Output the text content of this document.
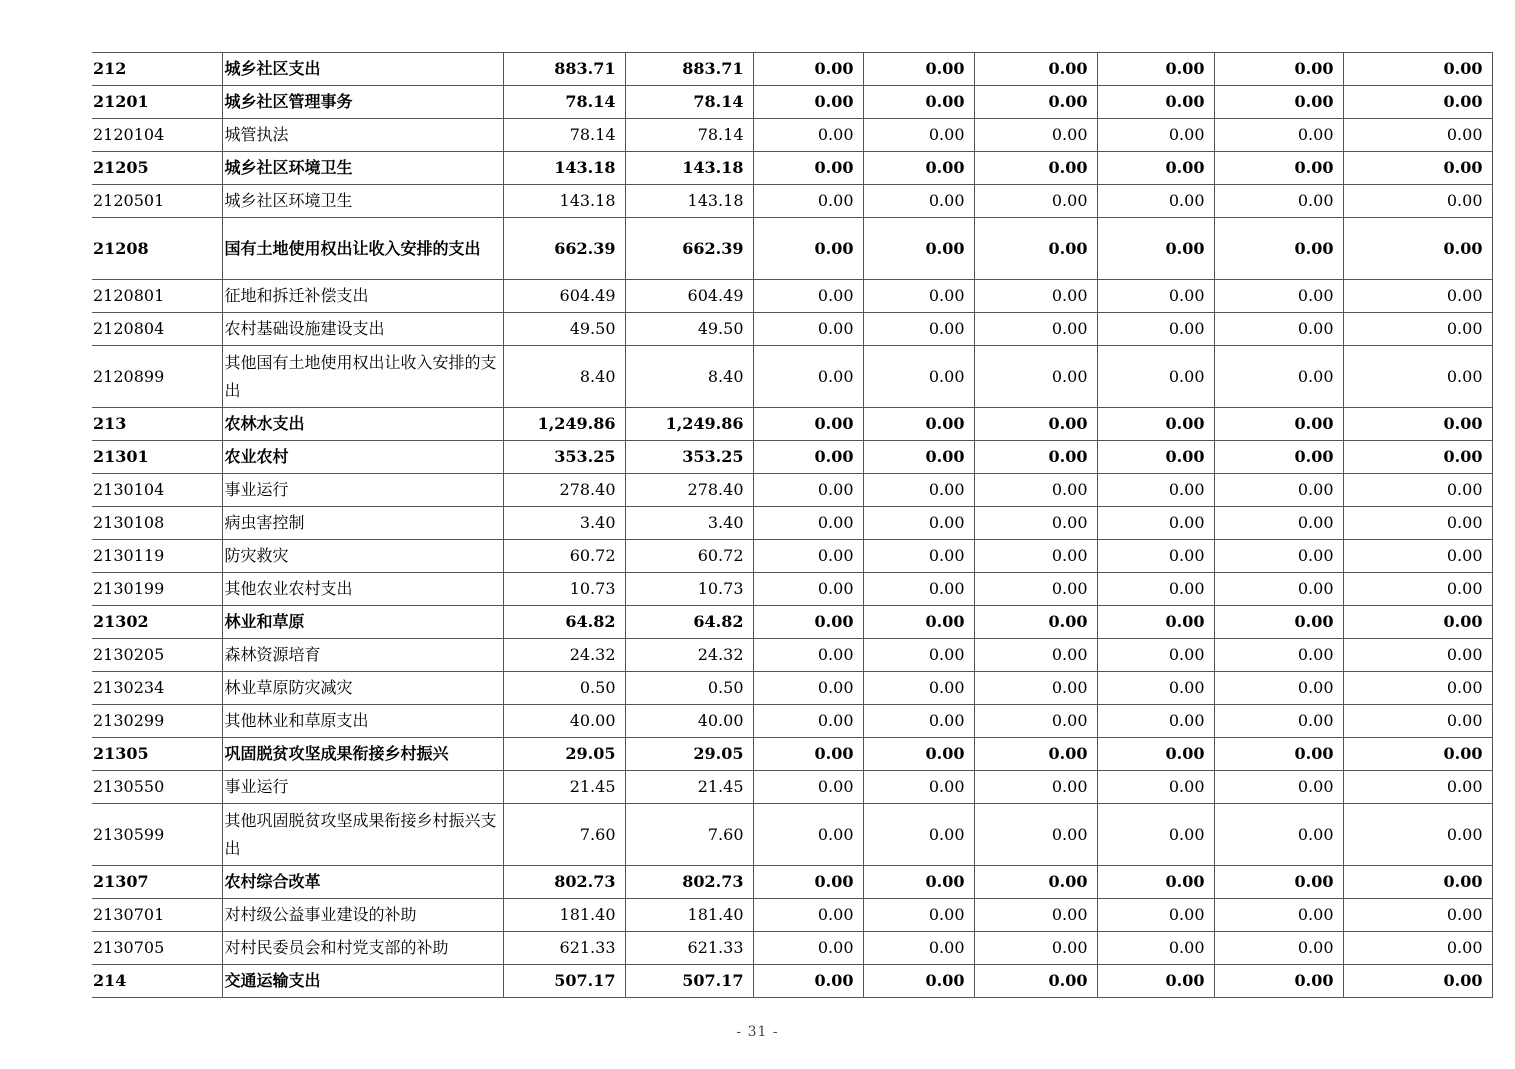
212	城乡社区支出	883.71	883.71	0.00	0.00	0.00	0.00	0.00	0.00
21201	城乡社区管理事务	78.14	78.14	0.00	0.00	0.00	0.00	0.00	0.00
2120104	城管执法	78.14	78.14	0.00	0.00	0.00	0.00	0.00	0.00
21205	城乡社区环境卫生	143.18	143.18	0.00	0.00	0.00	0.00	0.00	0.00
2120501	城乡社区环境卫生	143.18	143.18	0.00	0.00	0.00	0.00	0.00	0.00
21208	国有土地使用权出让收入安排的支出	662.39	662.39	0.00	0.00	0.00	0.00	0.00	0.00
2120801	征地和拆迁补偿支出	604.49	604.49	0.00	0.00	0.00	0.00	0.00	0.00
2120804	农村基础设施建设支出	49.50	49.50	0.00	0.00	0.00	0.00	0.00	0.00
2120899	其他国有土地使用权出让收入安排的支出	8.40	8.40	0.00	0.00	0.00	0.00	0.00	0.00
213	农林水支出	1,249.86	1,249.86	0.00	0.00	0.00	0.00	0.00	0.00
21301	农业农村	353.25	353.25	0.00	0.00	0.00	0.00	0.00	0.00
2130104	事业运行	278.40	278.40	0.00	0.00	0.00	0.00	0.00	0.00
2130108	病虫害控制	3.40	3.40	0.00	0.00	0.00	0.00	0.00	0.00
2130119	防灾救灾	60.72	60.72	0.00	0.00	0.00	0.00	0.00	0.00
2130199	其他农业农村支出	10.73	10.73	0.00	0.00	0.00	0.00	0.00	0.00
21302	林业和草原	64.82	64.82	0.00	0.00	0.00	0.00	0.00	0.00
2130205	森林资源培育	24.32	24.32	0.00	0.00	0.00	0.00	0.00	0.00
2130234	林业草原防灾减灾	0.50	0.50	0.00	0.00	0.00	0.00	0.00	0.00
2130299	其他林业和草原支出	40.00	40.00	0.00	0.00	0.00	0.00	0.00	0.00
21305	巩固脱贫攻坚成果衔接乡村振兴	29.05	29.05	0.00	0.00	0.00	0.00	0.00	0.00
2130550	事业运行	21.45	21.45	0.00	0.00	0.00	0.00	0.00	0.00
2130599	其他巩固脱贫攻坚成果衔接乡村振兴支出	7.60	7.60	0.00	0.00	0.00	0.00	0.00	0.00
21307	农村综合改革	802.73	802.73	0.00	0.00	0.00	0.00	0.00	0.00
2130701	对村级公益事业建设的补助	181.40	181.40	0.00	0.00	0.00	0.00	0.00	0.00
2130705	对村民委员会和村党支部的补助	621.33	621.33	0.00	0.00	0.00	0.00	0.00	0.00
214	交通运输支出	507.17	507.17	0.00	0.00	0.00	0.00	0.00	0.00
- 31 -
